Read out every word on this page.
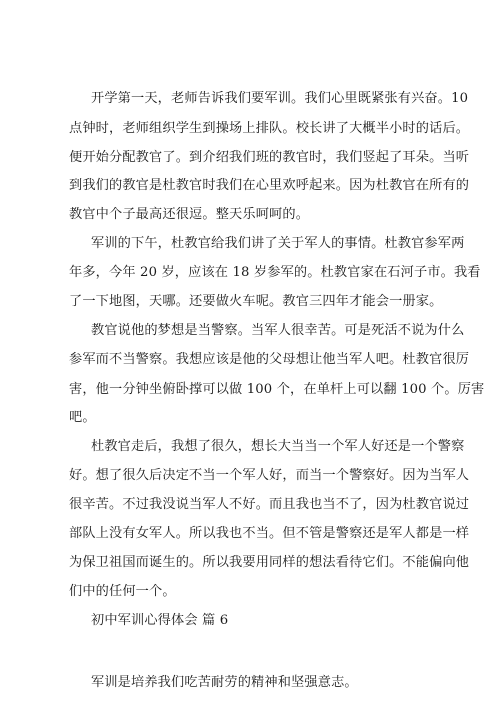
开学第一天，老师告诉我们要军训。我们心里既紧张有兴奋。10
点钟时，老师组织学生到操场上排队。校长讲了大概半小时的话后。
便开始分配教官了。到介绍我们班的教官时，我们竖起了耳朵。当听
到我们的教官是杜教官时我们在心里欢呼起来。因为杜教官在所有的
教官中个子最高还很逗。整天乐呵呵的。
军训的下午，杜教官给我们讲了关于军人的事情。杜教官参军两
年多，今年 20 岁，应该在 18 岁参军的。杜教官家在石河子市。我看
了一下地图，天哪。还要做火车呢。教官三四年才能会一册家。
教官说他的梦想是当警察。当军人很幸苦。可是死活不说为什么
参军而不当警察。我想应该是他的父母想让他当军人吧。杜教官很厉
害，他一分钟坐俯卧撑可以做 100 个，在单杆上可以翻 100 个。厉害
吧。
杜教官走后，我想了很久，想长大当当一个军人好还是一个警察
好。想了很久后决定不当一个军人好，而当一个警察好。因为当军人
很辛苦。不过我没说当军人不好。而且我也当不了，因为杜教官说过
部队上没有女军人。所以我也不当。但不管是警察还是军人都是一样
为保卫祖国而诞生的。所以我要用同样的想法看待它们。不能偏向他
们中的任何一个。
初中军训心得体会 篇 6
军训是培养我们吃苦耐劳的精神和坚强意志。
